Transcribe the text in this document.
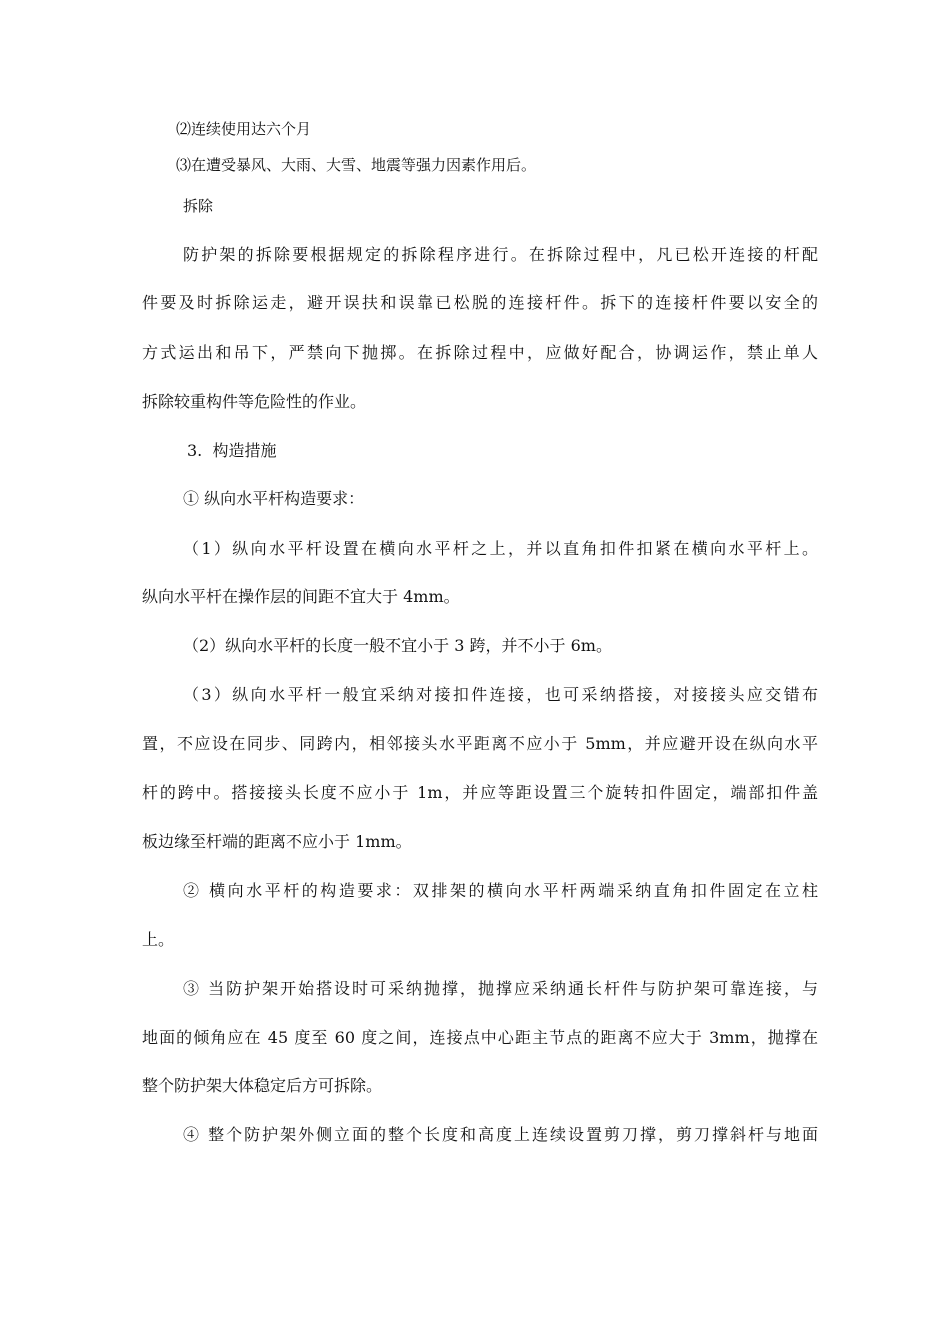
⑵连续使用达六个月
⑶在遭受暴风、大雨、大雪、地震等强力因素作用后。
拆除
防护架的拆除要根据规定的拆除程序进行。在拆除过程中，凡已松开连接的杆配
件要及时拆除运走，避开误扶和误靠已松脱的连接杆件。拆下的连接杆件要以安全的
方式运出和吊下，严禁向下抛掷。在拆除过程中，应做好配合，协调运作，禁止单人
拆除较重构件等危险性的作业。
3.  构造措施
① 纵向水平杆构造要求：
（1）纵向水平杆设置在横向水平杆之上，并以直角扣件扣紧在横向水平杆上。
纵向水平杆在操作层的间距不宜大于 4mm。
（2）纵向水平杆的长度一般不宜小于 3 跨，并不小于 6m。
（3）纵向水平杆一般宜采纳对接扣件连接，也可采纳搭接，对接接头应交错布
置，不应设在同步、同跨内，相邻接头水平距离不应小于 5mm，并应避开设在纵向水平
杆的跨中。搭接接头长度不应小于 1m，并应等距设置三个旋转扣件固定，端部扣件盖
板边缘至杆端的距离不应小于 1mm。
② 横向水平杆的构造要求：双排架的横向水平杆两端采纳直角扣件固定在立柱
上。
③ 当防护架开始搭设时可采纳抛撑，抛撑应采纳通长杆件与防护架可靠连接，与
地面的倾角应在 45 度至 60 度之间，连接点中心距主节点的距离不应大于 3mm，抛撑在
整个防护架大体稳定后方可拆除。
④ 整个防护架外侧立面的整个长度和高度上连续设置剪刀撑，剪刀撑斜杆与地面
